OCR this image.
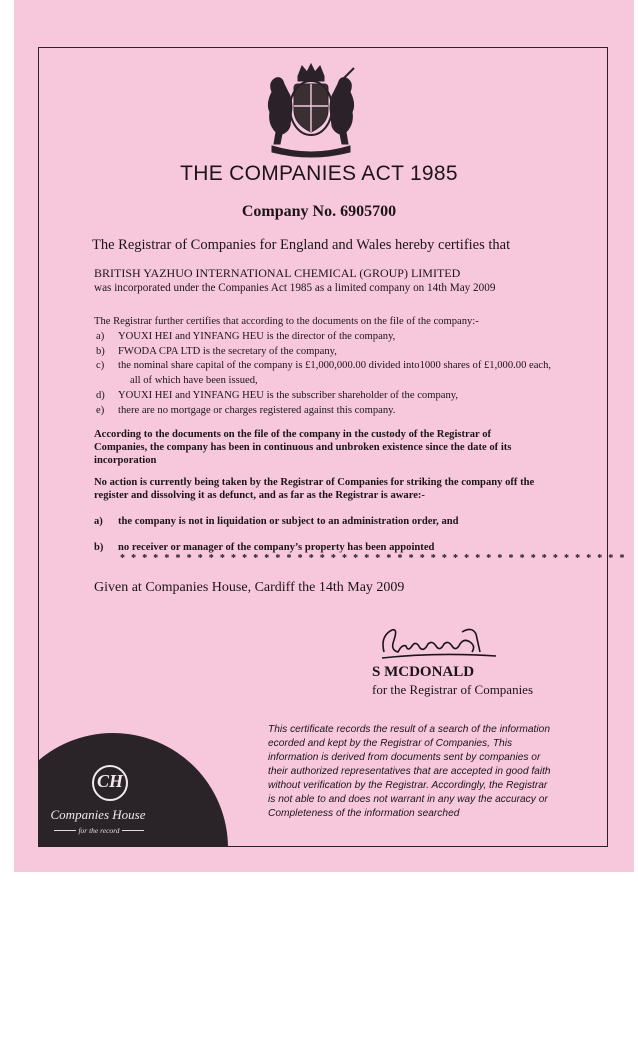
THE COMPANIES ACT 1985
Company No. 6905700
The Registrar of Companies for England and Wales hereby certifies that
BRITISH YAZHUO INTERNATIONAL CHEMICAL (GROUP) LIMITED
was incorporated under the Companies Act 1985 as a limited company on 14th May 2009
The Registrar further certifies that according to the documents on the file of the company:-
a) YOUXI HEI and YINFANG HEU is the director of the company,
b) FWODA CPA LTD is the secretary of the company,
c) the nominal share capital of the company is £1,000,000.00 divided into1000 shares of £1,000.00 each,
all of which have been issued,
d) YOUXI HEI and YINFANG HEU is the subscriber shareholder of the company,
e) there are no mortgage or charges registered against this company.
According to the documents on the file of the company in the custody of the Registrar of Companies, the company has been in continuous and unbroken existence since the date of its incorporation
No action is currently being taken by the Registrar of Companies for striking the company off the register and dissolving it as defunct, and as far as the Registrar is aware:-
a) the company is not in liquidation or subject to an administration order, and
b) no receiver or manager of the company’s property has been appointed
* * * * * * * * * * * * * * * * * * * * * * * * * * * * * * * * * * * * * * * * * * * * * *
Given at Companies House, Cardiff the 14th May 2009
S MCDONALD
for the Registrar of Companies
This certificate records the result of a search of the information
ecorded and kept by the Registrar of Companies, This
information is derived from documents sent by companies or
their authorized representatives that are accepted in good faith
without verification by the Registrar. Accordingly, the Registrar
is not able to and does not warrant in any way the accuracy or
Completeness of the information searched
CH
Companies House
for the record
